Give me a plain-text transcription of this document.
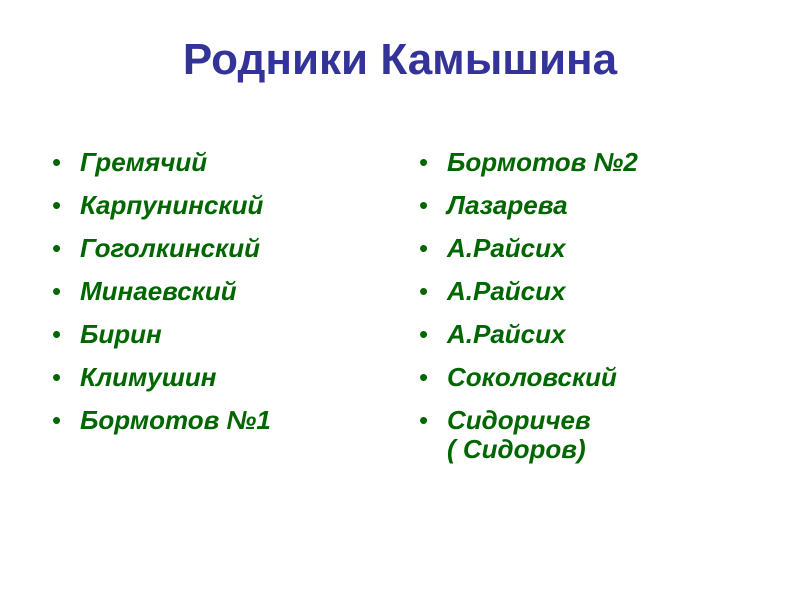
Родники Камышина
• Гремячий
• Карпунинский
• Гоголкинский
• Минаевский
• Бирин
• Климушин
• Бормотов №1
• Бормотов №2
• Лазарева
• А.Райсих
• А.Райсих
• А.Райсих
• Соколовский
• Сидоричев
( Сидоров)
